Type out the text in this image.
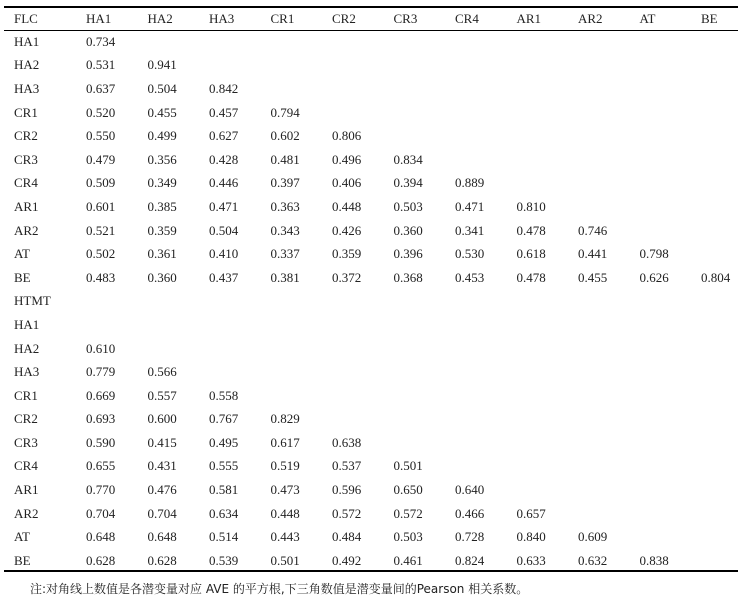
FLC	HA1	HA2	HA3	CR1	CR2	CR3	CR4	AR1	AR2	AT	BE
HA1	0.734										
HA2	0.531	0.941									
HA3	0.637	0.504	0.842								
CR1	0.520	0.455	0.457	0.794							
CR2	0.550	0.499	0.627	0.602	0.806						
CR3	0.479	0.356	0.428	0.481	0.496	0.834					
CR4	0.509	0.349	0.446	0.397	0.406	0.394	0.889				
AR1	0.601	0.385	0.471	0.363	0.448	0.503	0.471	0.810			
AR2	0.521	0.359	0.504	0.343	0.426	0.360	0.341	0.478	0.746		
AT	0.502	0.361	0.410	0.337	0.359	0.396	0.530	0.618	0.441	0.798	
BE	0.483	0.360	0.437	0.381	0.372	0.368	0.453	0.478	0.455	0.626	0.804
HTMT											
HA1											
HA2	0.610										
HA3	0.779	0.566									
CR1	0.669	0.557	0.558								
CR2	0.693	0.600	0.767	0.829							
CR3	0.590	0.415	0.495	0.617	0.638						
CR4	0.655	0.431	0.555	0.519	0.537	0.501					
AR1	0.770	0.476	0.581	0.473	0.596	0.650	0.640				
AR2	0.704	0.704	0.634	0.448	0.572	0.572	0.466	0.657			
AT	0.648	0.648	0.514	0.443	0.484	0.503	0.728	0.840	0.609		
BE	0.628	0.628	0.539	0.501	0.492	0.461	0.824	0.633	0.632	0.838	
注:对角线上数值是各潜变量对应 AVE 的平方根,下三角数值是潜变量间的Pearson 相关系数。
